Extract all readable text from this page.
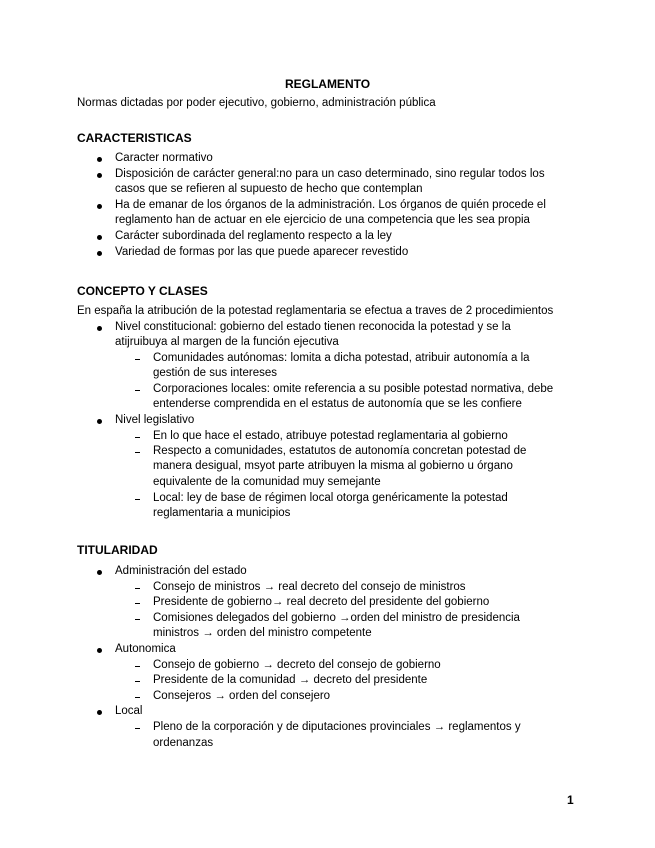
REGLAMENTO
Normas dictadas por poder ejecutivo, gobierno, administración pública
CARACTERISTICAS
Caracter normativo
Disposición de carácter general:no para un caso determinado, sino regular todos los
casos que se refieren al supuesto de hecho que contemplan
Ha de emanar de los órganos de la administración. Los órganos de quién procede el
reglamento han de actuar en ele ejercicio de una competencia que les sea propia
Carácter subordinada del reglamento respecto a la ley
Variedad de formas por las que puede aparecer revestido
CONCEPTO Y CLASES
En españa la atribución de la potestad reglamentaria se efectua a traves de 2 procedimientos
Nivel constitucional: gobierno del estado tienen reconocida la potestad y se la
atiјruibuya al margen de la función ejecutiva
Comunidades autónomas: lomita a dicha potestad, atribuir autonomía a la
gestión de sus intereses
Corporaciones locales: omite referencia a su posible potestad normativa, debe
entenderse comprendida en el estatus de autonomía que se les confiere
Nivel legislativo
En lo que hace el estado, atribuye potestad reglamentaria al gobierno
Respecto a comunidades, estatutos de autonomía concretan potestad de
manera desigual, msyot parte atribuyen la misma al gobierno u órgano
equivalente de la comunidad muy semejante
Local: ley de base de régimen local otorga genéricamente la potestad
reglamentaria a municipios
TITULARIDAD
Administración del estado
Consejo de ministros → real decreto del consejo de ministros
Presidente de gobierno→ real decreto del presidente del gobierno
Comisiones delegados del gobierno →orden del ministro de presidencia
ministros → orden del ministro competente
Autonomica
Consejo de gobierno → decreto del consejo de gobierno
Presidente de la comunidad → decreto del presidente
Consejeros → orden del consejero
Local
Pleno de la corporación y de diputaciones provinciales → reglamentos y
ordenanzas
1
